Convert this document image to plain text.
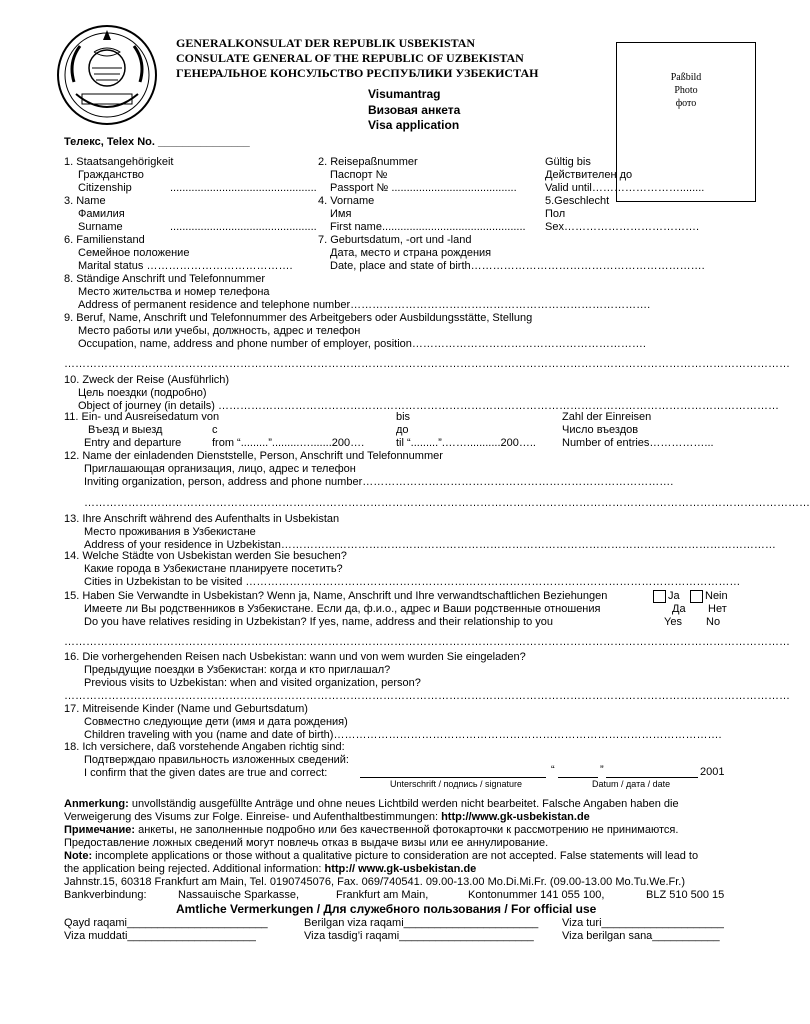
GENERALKONSULAT DER REPUBLIK USBEKISTAN
CONSULATE GENERAL OF THE REPUBLIC OF UZBEKISTAN
ГЕНЕРАЛЬНОЕ КОНСУЛЬСТВО РЕСПУБЛИКИ УЗБЕКИСТАН	Paßbild
Photo
фото
Visumantrag
Визовая анкета
Visa application
Телекс, Telex No. _______________
1. Staatsangehörigkeit
Гражданство
Citizenship	................................................
2. Reisepaßnummer
Паспорт №
Passport № .........................................
Gültig bis
Действителен до
Valid until……………………........
3. Name
Фамилия
Surname	................................................
4. Vorname
Имя
First name...............................................
5.Geschlecht
Пол
Sex……………………………….
6. Familienstand
Семейное положение
Marital status ………………………………….
7. Geburtsdatum, -ort und -land
Дата, место и страна рождения
Date, place and state of birth……………………………………………………….
8. Ständige Anschrift und Telefonnummer
Место жительства и номер телефона
Address of permanent residence and telephone number……………………………………………………………………….
9. Beruf, Name, Anschrift und Telefonnummer des Arbeitgebers oder Ausbildungsstätte, Stellung
Место работы или учебы, должность, адрес и телефон
Occupation, name, address and phone number of employer, position……………………………………………………….
………………………………………………………………………………………………………………………………………………………………………………
10. Zweck der Reise (Ausführlich)
Цель поездки (подробно)
Object of journey (in details) ………………………………………………………………………………………………………………………………………
11. Ein- und Ausreisedatum von	bis	Zahl der Einreisen
Въезд и выезд	с	до	Число въездов
Entry and departure	from “.........”.........….......200….	til “.........”.……...........200….. Number of entries……………...
12. Name der einladenden Dienststelle, Person, Anschrift und Telefonnummer
Приглашающая организация, лицо, адрес и телефон
Inviting organization, person, address and phone number………………………………………………………………………….
………………………………………………………………………………………………………………………………………………………………………………
13. Ihre Anschrift während des Aufenthalts in Usbekistan
Место проживания в Узбекистане
Address of your residence in Uzbekistan………………………………………………………………………………………………………………………
14. Welche Städte von Usbekistan werden Sie besuchen?
Какие города в Узбекистане планируете посетить?
Cities in Uzbekistan to be visited ………………………………………………………………………………………………………………………
15. Haben Sie Verwandte in Usbekistan? Wenn ja, Name, Anschrift und Ihre verwandtschaftlichen Beziehungen
Имеете ли Вы родственников в Узбекистане. Если да, ф.и.о., адрес и Ваши родственные отношения
Do you have relatives residing in Uzbekistan? If yes, name, address and their relationship to you
Ja Nein
Да Нет
Yes No
………………………………………………………………………………………………………………………………………………………………………………
16. Die vorhergehenden Reisen nach Usbekistan: wann und von wem wurden Sie eingeladen?
Предыдущие поездки в Узбекистан: когда и кто приглашал?
Previous visits to Uzbekistan: when and visited organization, person?
………………………………………………………………………………………………………………………………………………………………………………
17. Mitreisende Kinder (Name und Geburtsdatum)
Совместно следующие дети (имя и дата рождения)
Children traveling with you (name and date of birth)…………………………………………………………………………………………….
18. Ich versichere, daß vorstehende Angaben richtig sind:
Подтверждаю правильность изложенных сведений:
I confirm that the given dates are true and correct:	“	”	2001
Unterschrift / подпись / signature	Datum / дата / date
Anmerkung: unvollständig ausgefüllte Anträge und ohne neues Lichtbild werden nicht bearbeitet. Falsche Angaben haben die
Verweigerung des Visums zur Folge. Einreise- und Aufenthaltbestimmungen: http://www.gk-usbekistan.de
Примечание: анкеты, не заполненные подробно или без качественной фотокарточки к рассмотрению не принимаются.
Предоставление ложных сведений могут повлечь отказ в выдаче визы или ее аннулирование.
Note: incomplete applications or those without a qualitative picture to consideration are not accepted. False statements will lead to
the application being rejected. Additional information: http:// www.gk-usbekistan.de
Jahnstr.15, 60318 Frankfurt am Main, Tel. 0190745076, Fax. 069/740541. 09.00-13.00 Mo.Di.Mi.Fr. (09.00-13.00 Mo.Tu.We.Fr.)
Bankverbindung:	Nassauische Sparkasse,	Frankfurt am Main,	Kontonummer 141 055 100,	BLZ 510 500 15
Amtliche Vermerkungen / Для служебного пользования / For official use
Qayd raqami_______________________	Berilgan viza raqami______________________ Viza turi____________________
Viza muddati_____________________	Viza tasdig’i raqami______________________	Viza berilgan sana___________
